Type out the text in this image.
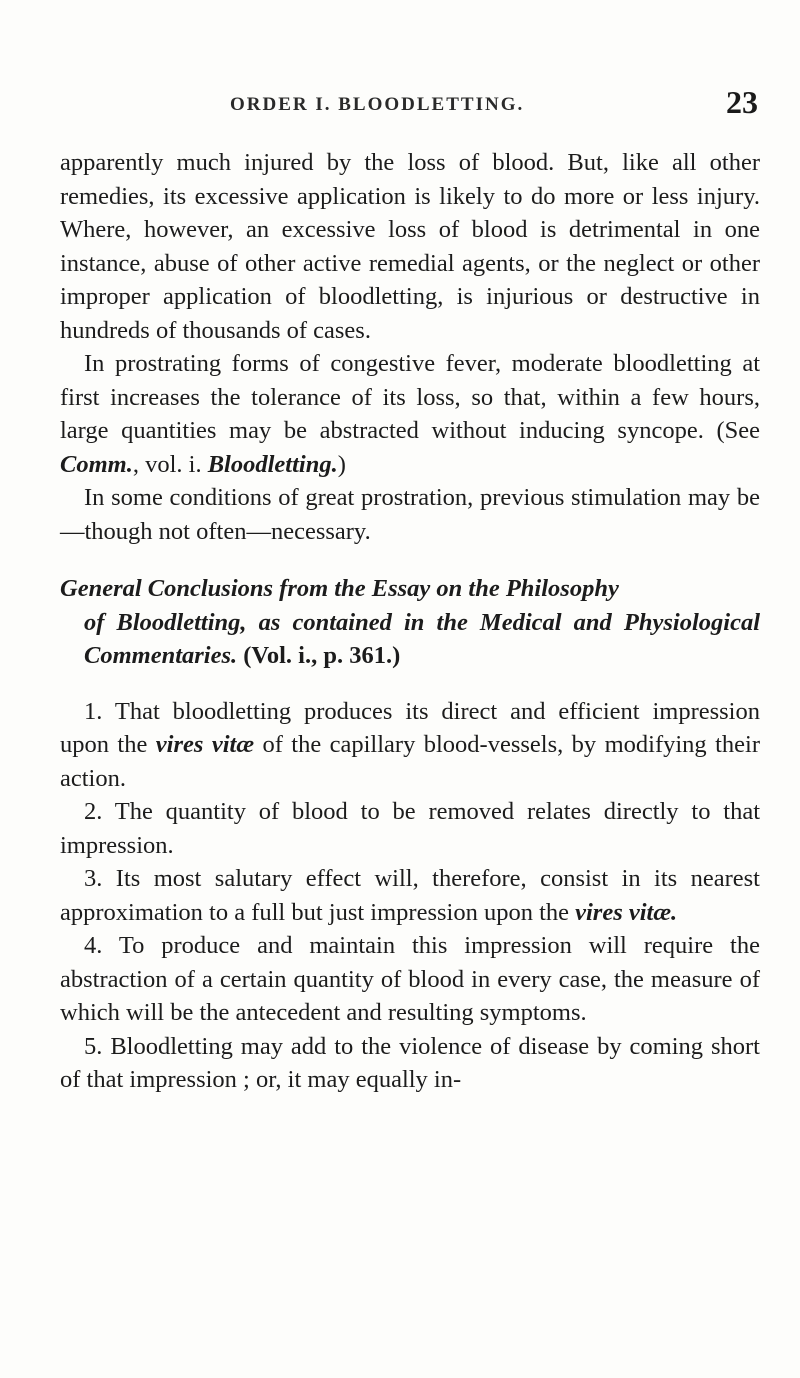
ORDER I. BLOODLETTING.	23

apparently much injured by the loss of blood. But, like all other remedies, its excessive application is likely to do more or less injury. Where, however, an excessive loss of blood is detrimental in one instance, abuse of other active remedial agents, or the neglect or other improper application of bloodletting, is injurious or destructive in hundreds of thousands of cases.

In prostrating forms of congestive fever, moderate bloodletting at first increases the tolerance of its loss, so that, within a few hours, large quantities may be abstracted without inducing syncope. (See Comm., vol. i. Bloodletting.)

In some conditions of great prostration, previous stimulation may be—though not often—necessary.

General Conclusions from the Essay on the Philosophy
of Bloodletting, as contained in the Medical and Physiological Commentaries. (Vol. i., p. 361.)

1. That bloodletting produces its direct and efficient impression upon the vires vitæ of the capillary blood-vessels, by modifying their action.

2. The quantity of blood to be removed relates directly to that impression.

3. Its most salutary effect will, therefore, consist in its nearest approximation to a full but just impression upon the vires vitæ.

4. To produce and maintain this impression will require the abstraction of a certain quantity of blood in every case, the measure of which will be the antecedent and resulting symptoms.

5. Bloodletting may add to the violence of disease by coming short of that impression ; or, it may equally in-
